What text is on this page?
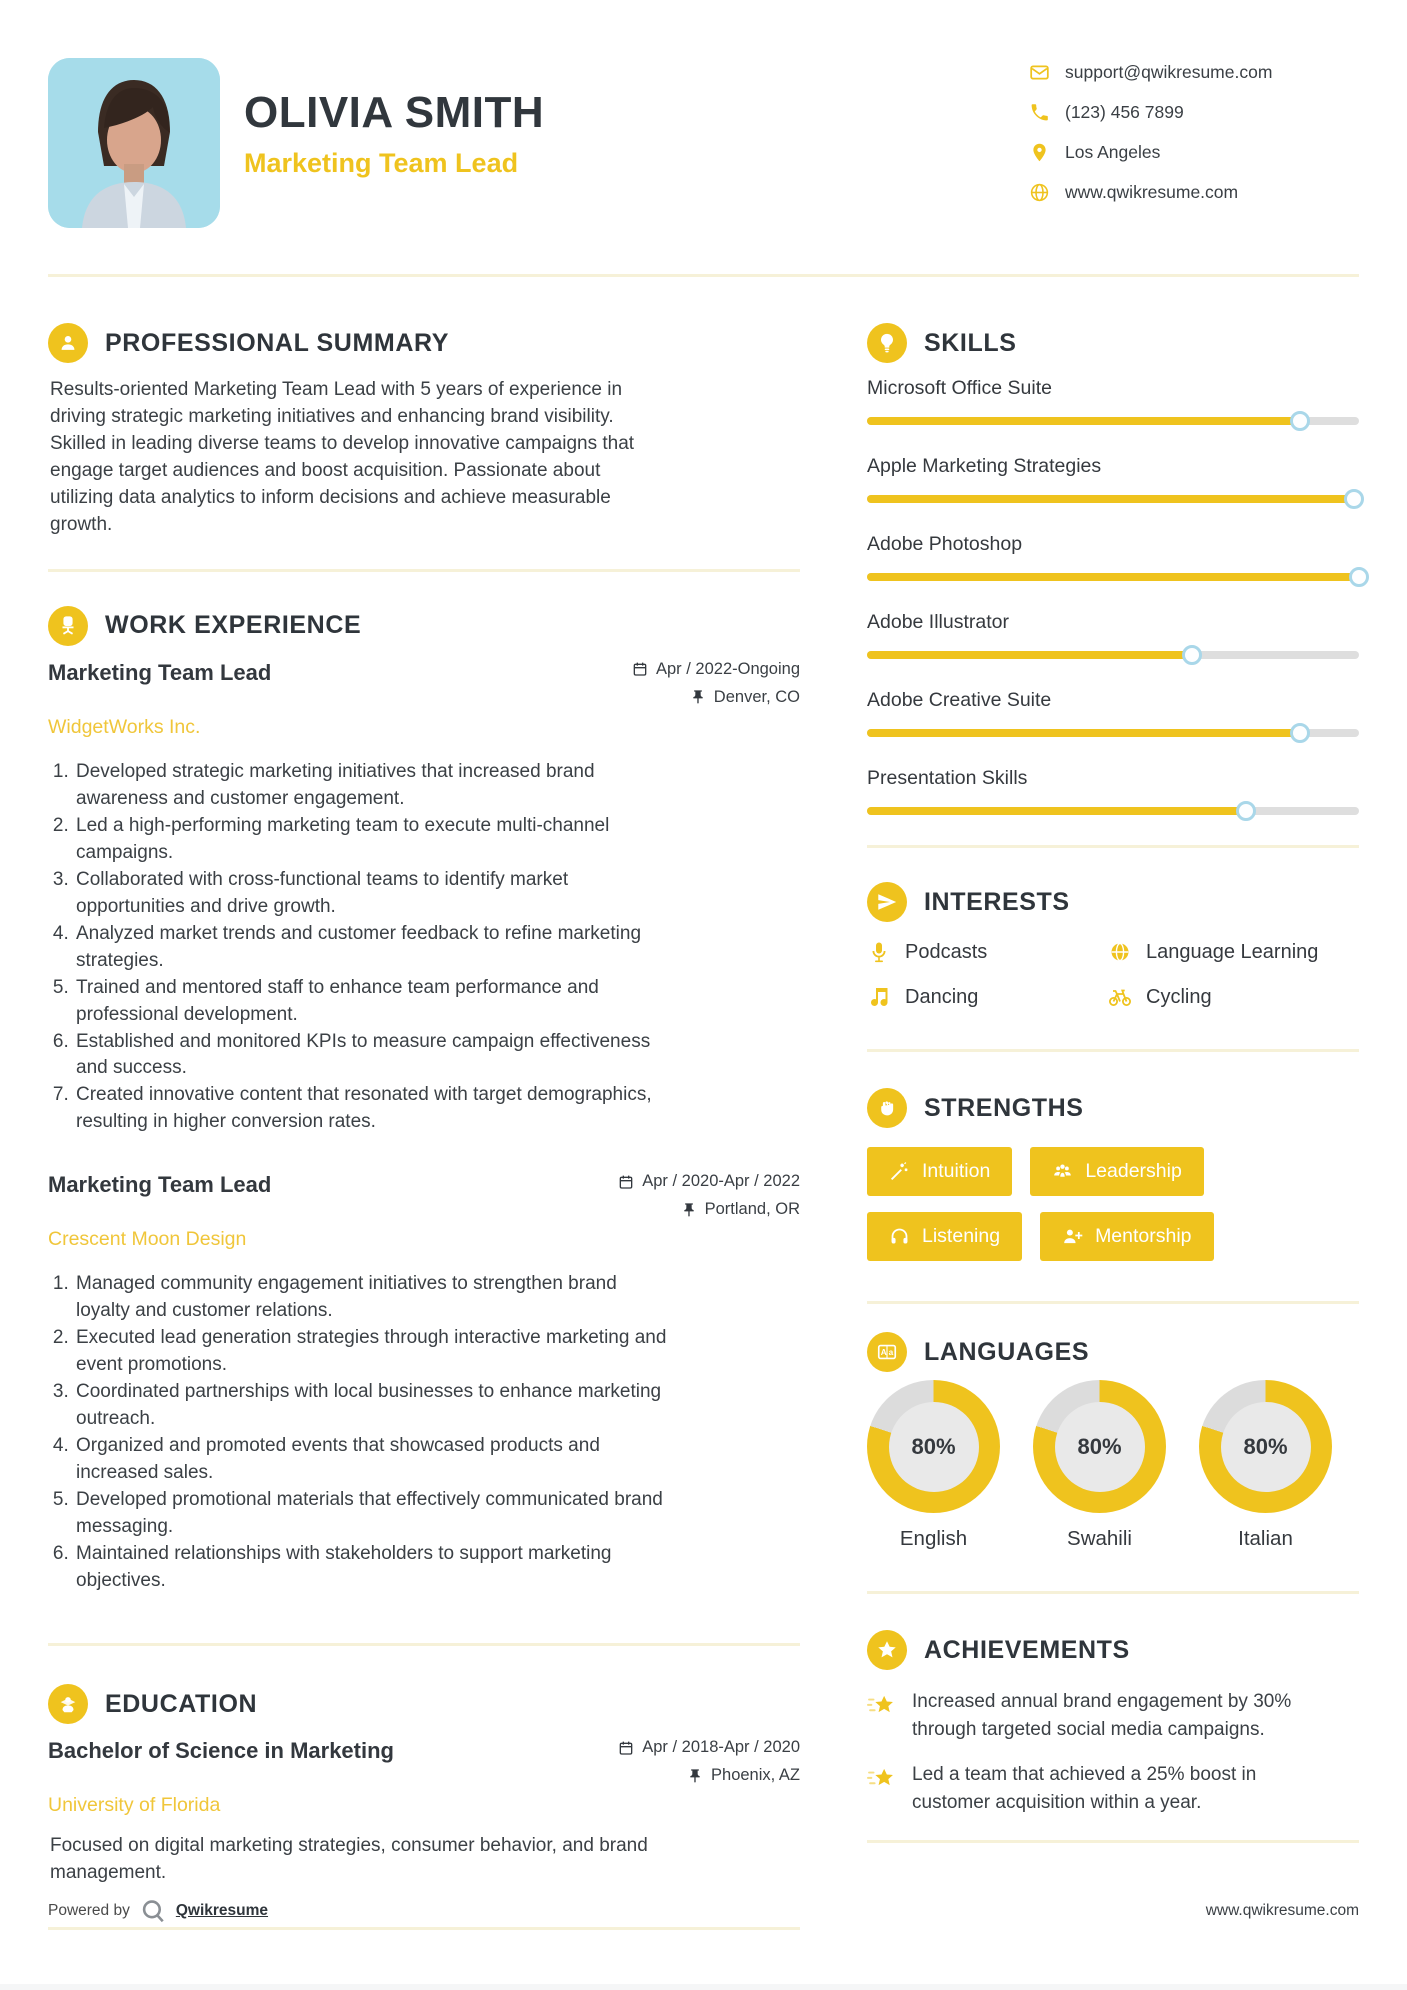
OLIVIA SMITH
Marketing Team Lead
support@qwikresume.com
(123) 456 7899
Los Angeles
www.qwikresume.com
PROFESSIONAL SUMMARY

Results-oriented Marketing Team Lead with 5 years of experience in driving strategic marketing initiatives and enhancing brand visibility. Skilled in leading diverse teams to develop innovative campaigns that engage target audiences and boost acquisition. Passionate about utilizing data analytics to inform decisions and achieve measurable growth.

WORK EXPERIENCE
Marketing Team Lead	Apr / 2022-Ongoing
Denver, CO
WidgetWorks Inc.
1. Developed strategic marketing initiatives that increased brand awareness and customer engagement.
2. Led a high-performing marketing team to execute multi-channel campaigns.
3. Collaborated with cross-functional teams to identify market opportunities and drive growth.
4. Analyzed market trends and customer feedback to refine marketing strategies.
5. Trained and mentored staff to enhance team performance and professional development.
6. Established and monitored KPIs to measure campaign effectiveness and success.
7. Created innovative content that resonated with target demographics, resulting in higher conversion rates.
Marketing Team Lead	Apr / 2020-Apr / 2022
Portland, OR
Crescent Moon Design
1. Managed community engagement initiatives to strengthen brand loyalty and customer relations.
2. Executed lead generation strategies through interactive marketing and event promotions.
3. Coordinated partnerships with local businesses to enhance marketing outreach.
4. Organized and promoted events that showcased products and increased sales.
5. Developed promotional materials that effectively communicated brand messaging.
6. Maintained relationships with stakeholders to support marketing objectives.
EDUCATION
Bachelor of Science in Marketing	Apr / 2018-Apr / 2020
Phoenix, AZ
University of Florida

Focused on digital marketing strategies, consumer behavior, and brand management.

SKILLS
Microsoft Office Suite
Apple Marketing Strategies
Adobe Photoshop
Adobe Illustrator
Adobe Creative Suite
Presentation Skills
INTERESTS
Podcasts	Language Learning
Dancing	Cycling
STRENGTHS
Intuition	Leadership
Listening	Mentorship
A a LANGUAGES
80%
English
80%
Swahili
80%
Italian
ACHIEVEMENTS
Increased annual brand engagement by 30% through targeted social media campaigns.
Led a team that achieved a 25% boost in customer acquisition within a year.
Powered by	Qwikresume	www.qwikresume.com
